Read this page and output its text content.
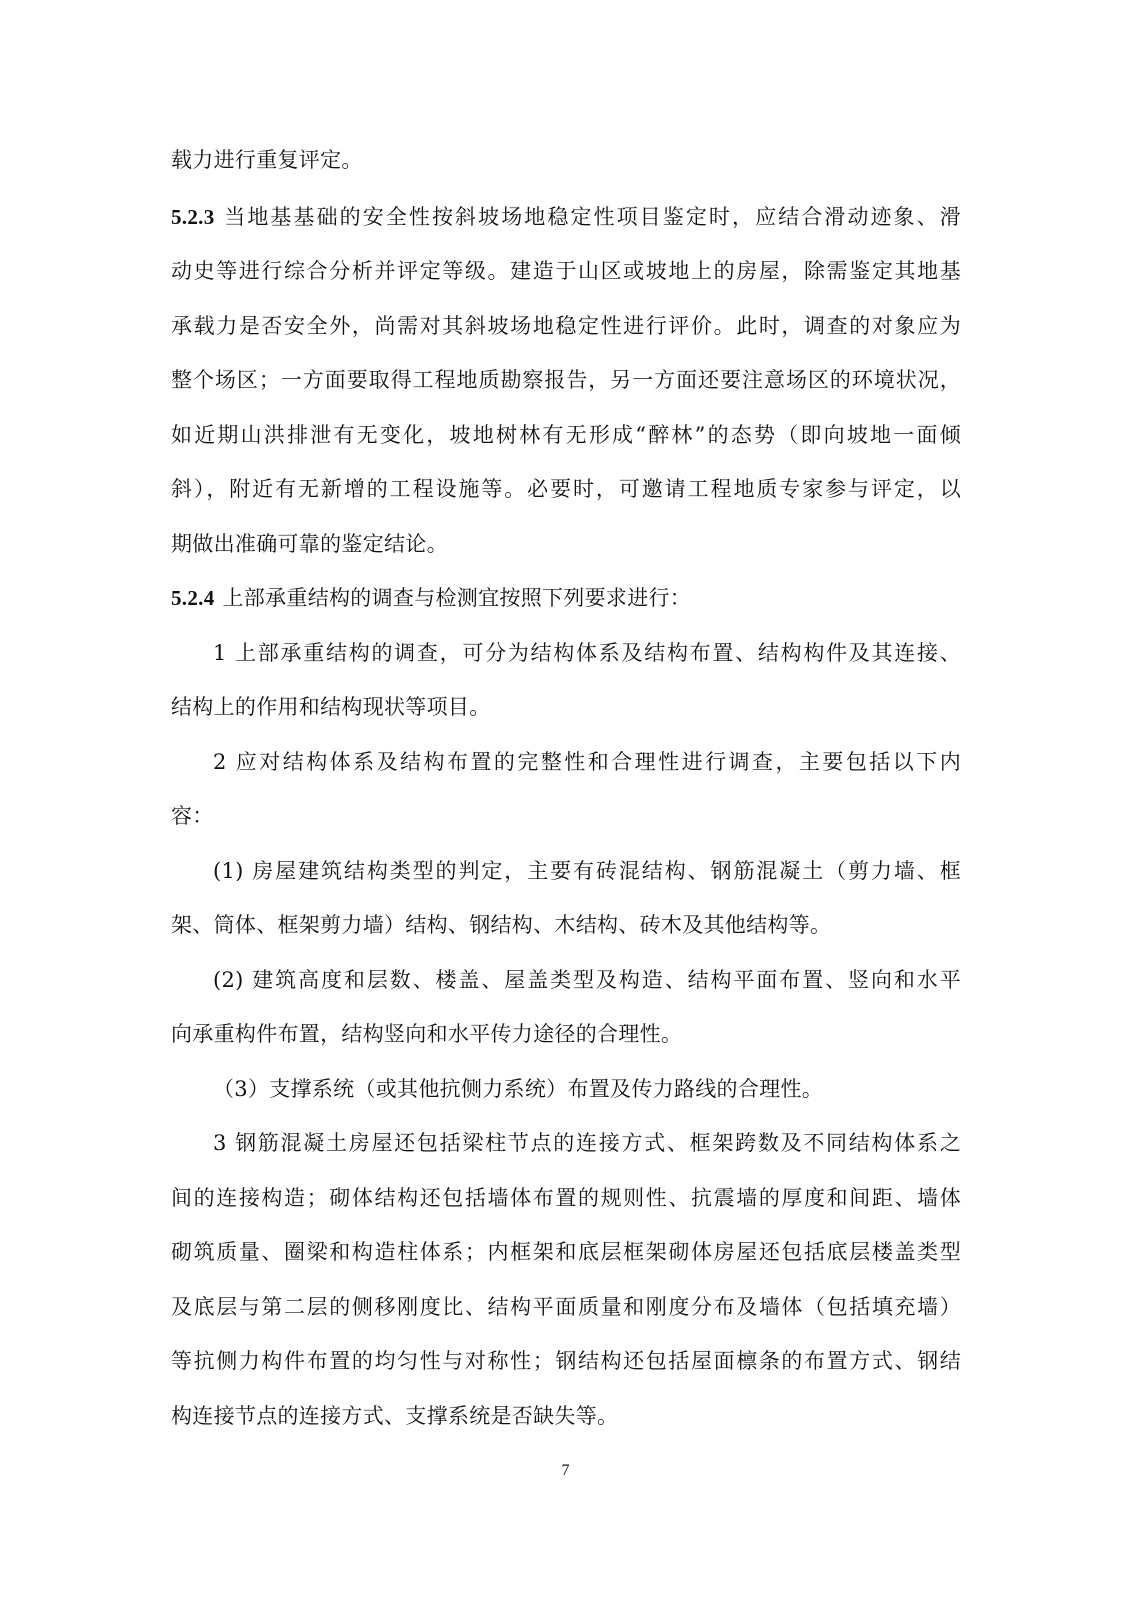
载力进行重复评定。
5.2.3 当地基基础的安全性按斜坡场地稳定性项目鉴定时，应结合滑动迹象、滑
动史等进行综合分析并评定等级。建造于山区或坡地上的房屋，除需鉴定其地基
承载力是否安全外，尚需对其斜坡场地稳定性进行评价。此时，调查的对象应为
整个场区；一方面要取得工程地质勘察报告，另一方面还要注意场区的环境状况，
如近期山洪排泄有无变化，坡地树林有无形成“醉林”的态势（即向坡地一面倾
斜），附近有无新增的工程设施等。必要时，可邀请工程地质专家参与评定，以
期做出准确可靠的鉴定结论。
5.2.4 上部承重结构的调查与检测宜按照下列要求进行：
1 上部承重结构的调查，可分为结构体系及结构布置、结构构件及其连接、
结构上的作用和结构现状等项目。
2 应对结构体系及结构布置的完整性和合理性进行调查，主要包括以下内
容：
(1) 房屋建筑结构类型的判定，主要有砖混结构、钢筋混凝土（剪力墙、框
架、筒体、框架剪力墙）结构、钢结构、木结构、砖木及其他结构等。
(2) 建筑高度和层数、楼盖、屋盖类型及构造、结构平面布置、竖向和水平
向承重构件布置，结构竖向和水平传力途径的合理性。
（3）支撑系统（或其他抗侧力系统）布置及传力路线的合理性。
3 钢筋混凝土房屋还包括梁柱节点的连接方式、框架跨数及不同结构体系之
间的连接构造；砌体结构还包括墙体布置的规则性、抗震墙的厚度和间距、墙体
砌筑质量、圈梁和构造柱体系；内框架和底层框架砌体房屋还包括底层楼盖类型
及底层与第二层的侧移刚度比、结构平面质量和刚度分布及墙体（包括填充墙）
等抗侧力构件布置的均匀性与对称性；钢结构还包括屋面檩条的布置方式、钢结
构连接节点的连接方式、支撑系统是否缺失等。
7
